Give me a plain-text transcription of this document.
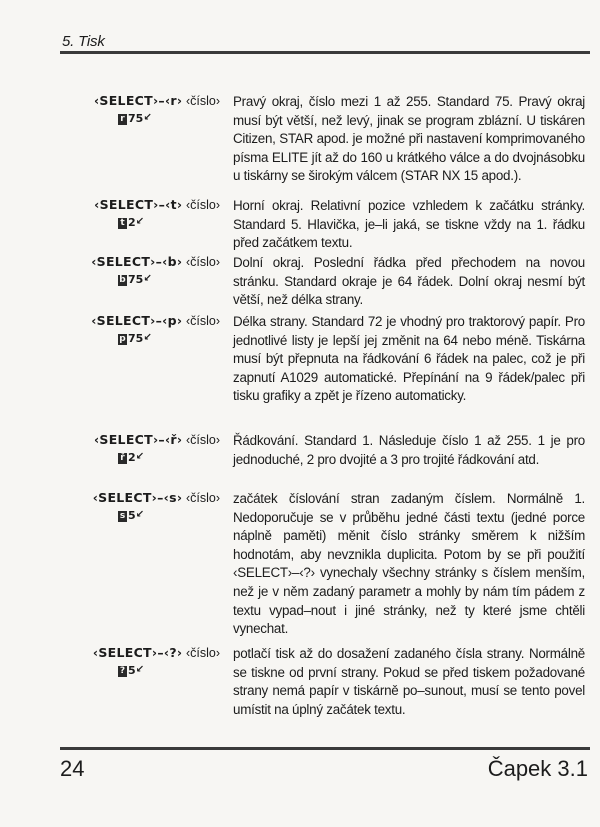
5. Tisk
‹SELECT›–‹r› ‹číslo›
r 75↙
Pravý okraj, číslo mezi 1 až 255. Standard 75. Pravý okraj musí být větší, než levý, jinak se program zblázní. U tiskáren Citizen, STAR apod. je možné při nastavení komprimovaného písma ELITE jít až do 160 u krátkého válce a do dvojnásobku u tiskárny se širokým válcem (STAR NX 15 apod.).
‹SELECT›–‹t› ‹číslo›
t 2↙
Horní okraj. Relativní pozice vzhledem k začátku stránky. Standard 5. Hlavička, je–li jaká, se tiskne vždy na 1. řádku před začátkem textu.
‹SELECT›–‹b› ‹číslo›
b 75↙
Dolní okraj. Poslední řádka před přechodem na novou stránku. Standard okraje je 64 řádek. Dolní okraj nesmí být větší, než délka strany.
‹SELECT›–‹p› ‹číslo›
p 75↙
Délka strany. Standard 72 je vhodný pro traktorový papír. Pro jednotlivé listy je lepší jej změnit na 64 nebo méně. Tiskárna musí být přepnuta na řádkování 6 řádek na palec, což je při zapnutí A1029 automatické. Přepínání na 9 řádek/palec při tisku grafiky a zpět je řízeno automaticky.
‹SELECT›–‹ř› ‹číslo›
ř 2↙
Řádkování. Standard 1. Následuje číslo 1 až 255. 1 je pro jednoduché, 2 pro dvojité a 3 pro trojité řádkování atd.
‹SELECT›–‹s› ‹číslo›
s 5↙
začátek číslování stran zadaným číslem. Normálně 1. Nedoporučuje se v průběhu jedné části textu (jedné porce náplně paměti) měnit číslo stránky směrem k nižším hodnotám, aby nevznikla duplicita. Potom by se při použití ‹SELECT›–‹?› vynechaly všechny stránky s číslem menším, než je v něm zadaný parametr a mohly by nám tím pádem z textu vypad–nout i jiné stránky, než ty které jsme chtěli vynechat.
‹SELECT›–‹?› ‹číslo›
? 5↙
potlačí tisk až do dosažení zadaného čísla strany. Normálně se tiskne od první strany. Pokud se před tiskem požadované strany nemá papír v tiskárně po–sunout, musí se tento povel umístit na úplný začátek textu.
24	Čapek 3.1
